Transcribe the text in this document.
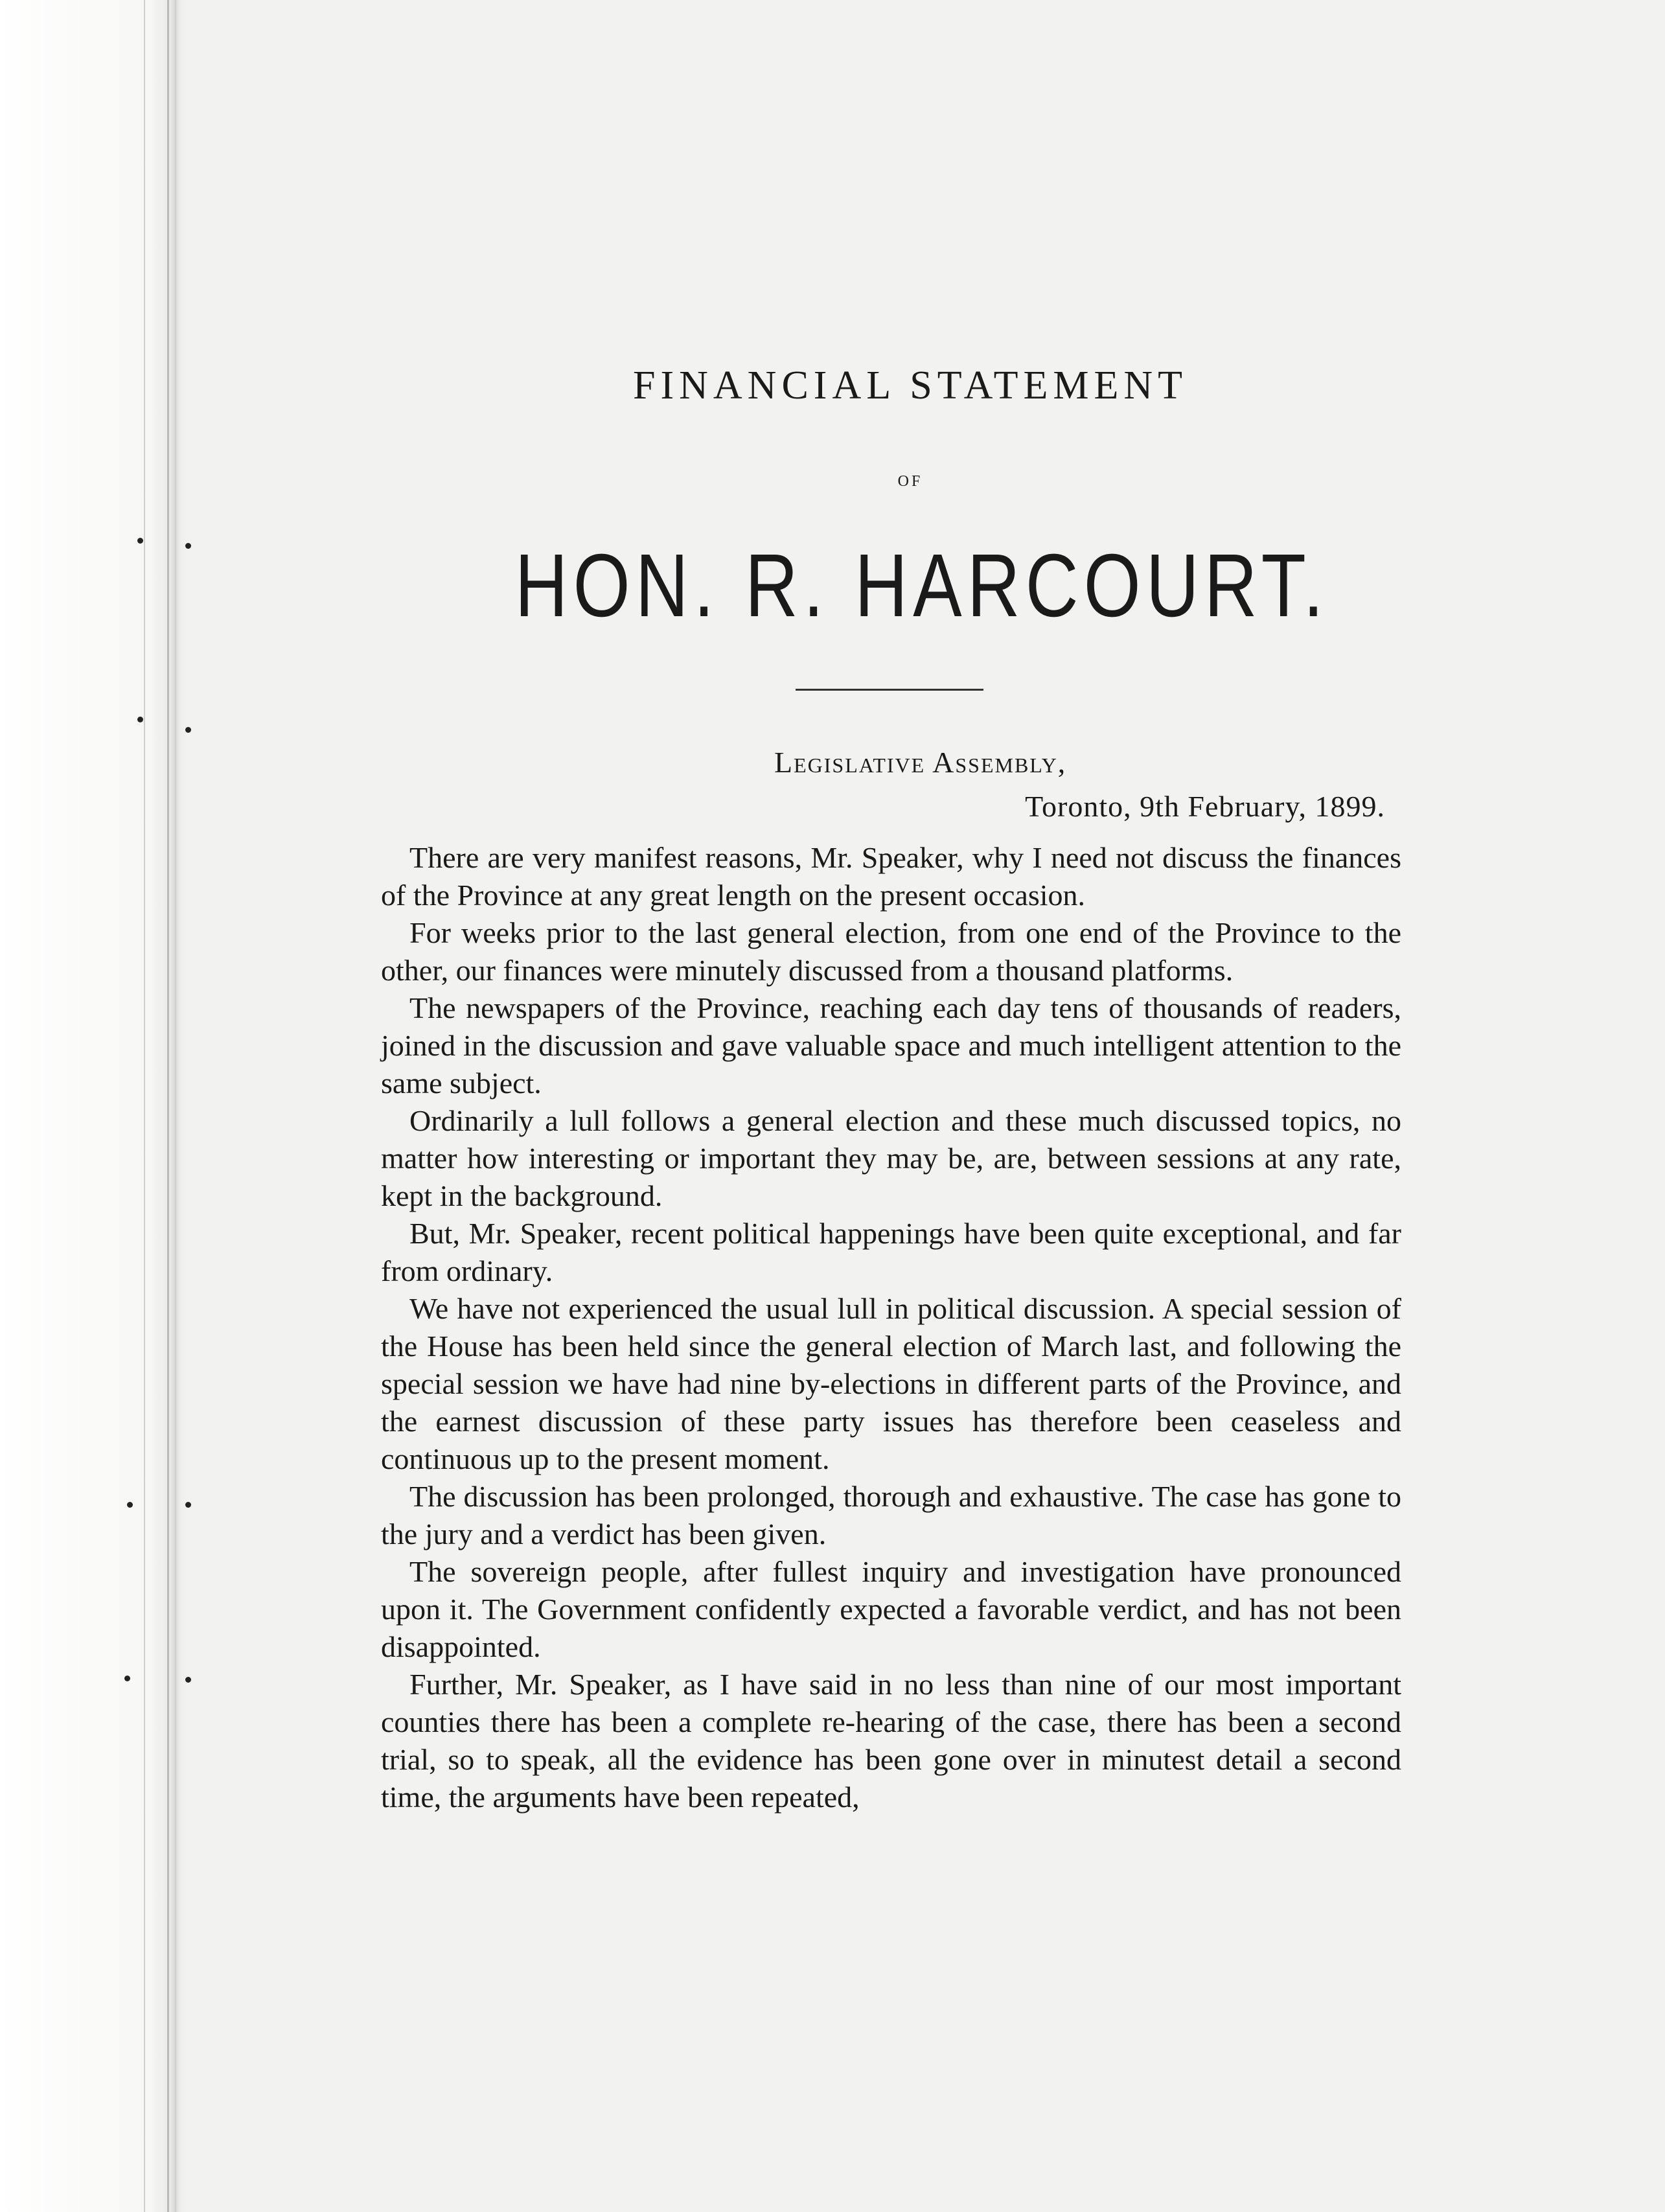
FINANCIAL STATEMENT
OF
HON. R. HARCOURT.
Legislative Assembly,
Toronto, 9th February, 1899.

There are very manifest reasons, Mr. Speaker, why I need not discuss the finances of the Province at any great length on the present occasion.

For weeks prior to the last general election, from one end of the Province to the other, our finances were minutely discussed from a thousand platforms.

The newspapers of the Province, reaching each day tens of thousands of readers, joined in the discussion and gave valuable space and much intelligent attention to the same subject.

Ordinarily a lull follows a general election and these much discussed topics, no matter how interesting or important they may be, are, between sessions at any rate, kept in the background.

But, Mr. Speaker, recent political happenings have been quite exceptional, and far from ordinary.

We have not experienced the usual lull in political discussion. A special session of the House has been held since the general election of March last, and following the special session we have had nine by-elections in different parts of the Province, and the earnest discussion of these party issues has therefore been ceaseless and continuous up to the present moment.

The discussion has been prolonged, thorough and exhaustive. The case has gone to the jury and a verdict has been given.

The sovereign people, after fullest inquiry and investigation have pronounced upon it. The Government confidently expected a favorable verdict, and has not been disappointed.

Further, Mr. Speaker, as I have said in no less than nine of our most important counties there has been a complete re-hearing of the case, there has been a second trial, so to speak, all the evidence has been gone over in minutest detail a second time, the arguments have been repeated,
